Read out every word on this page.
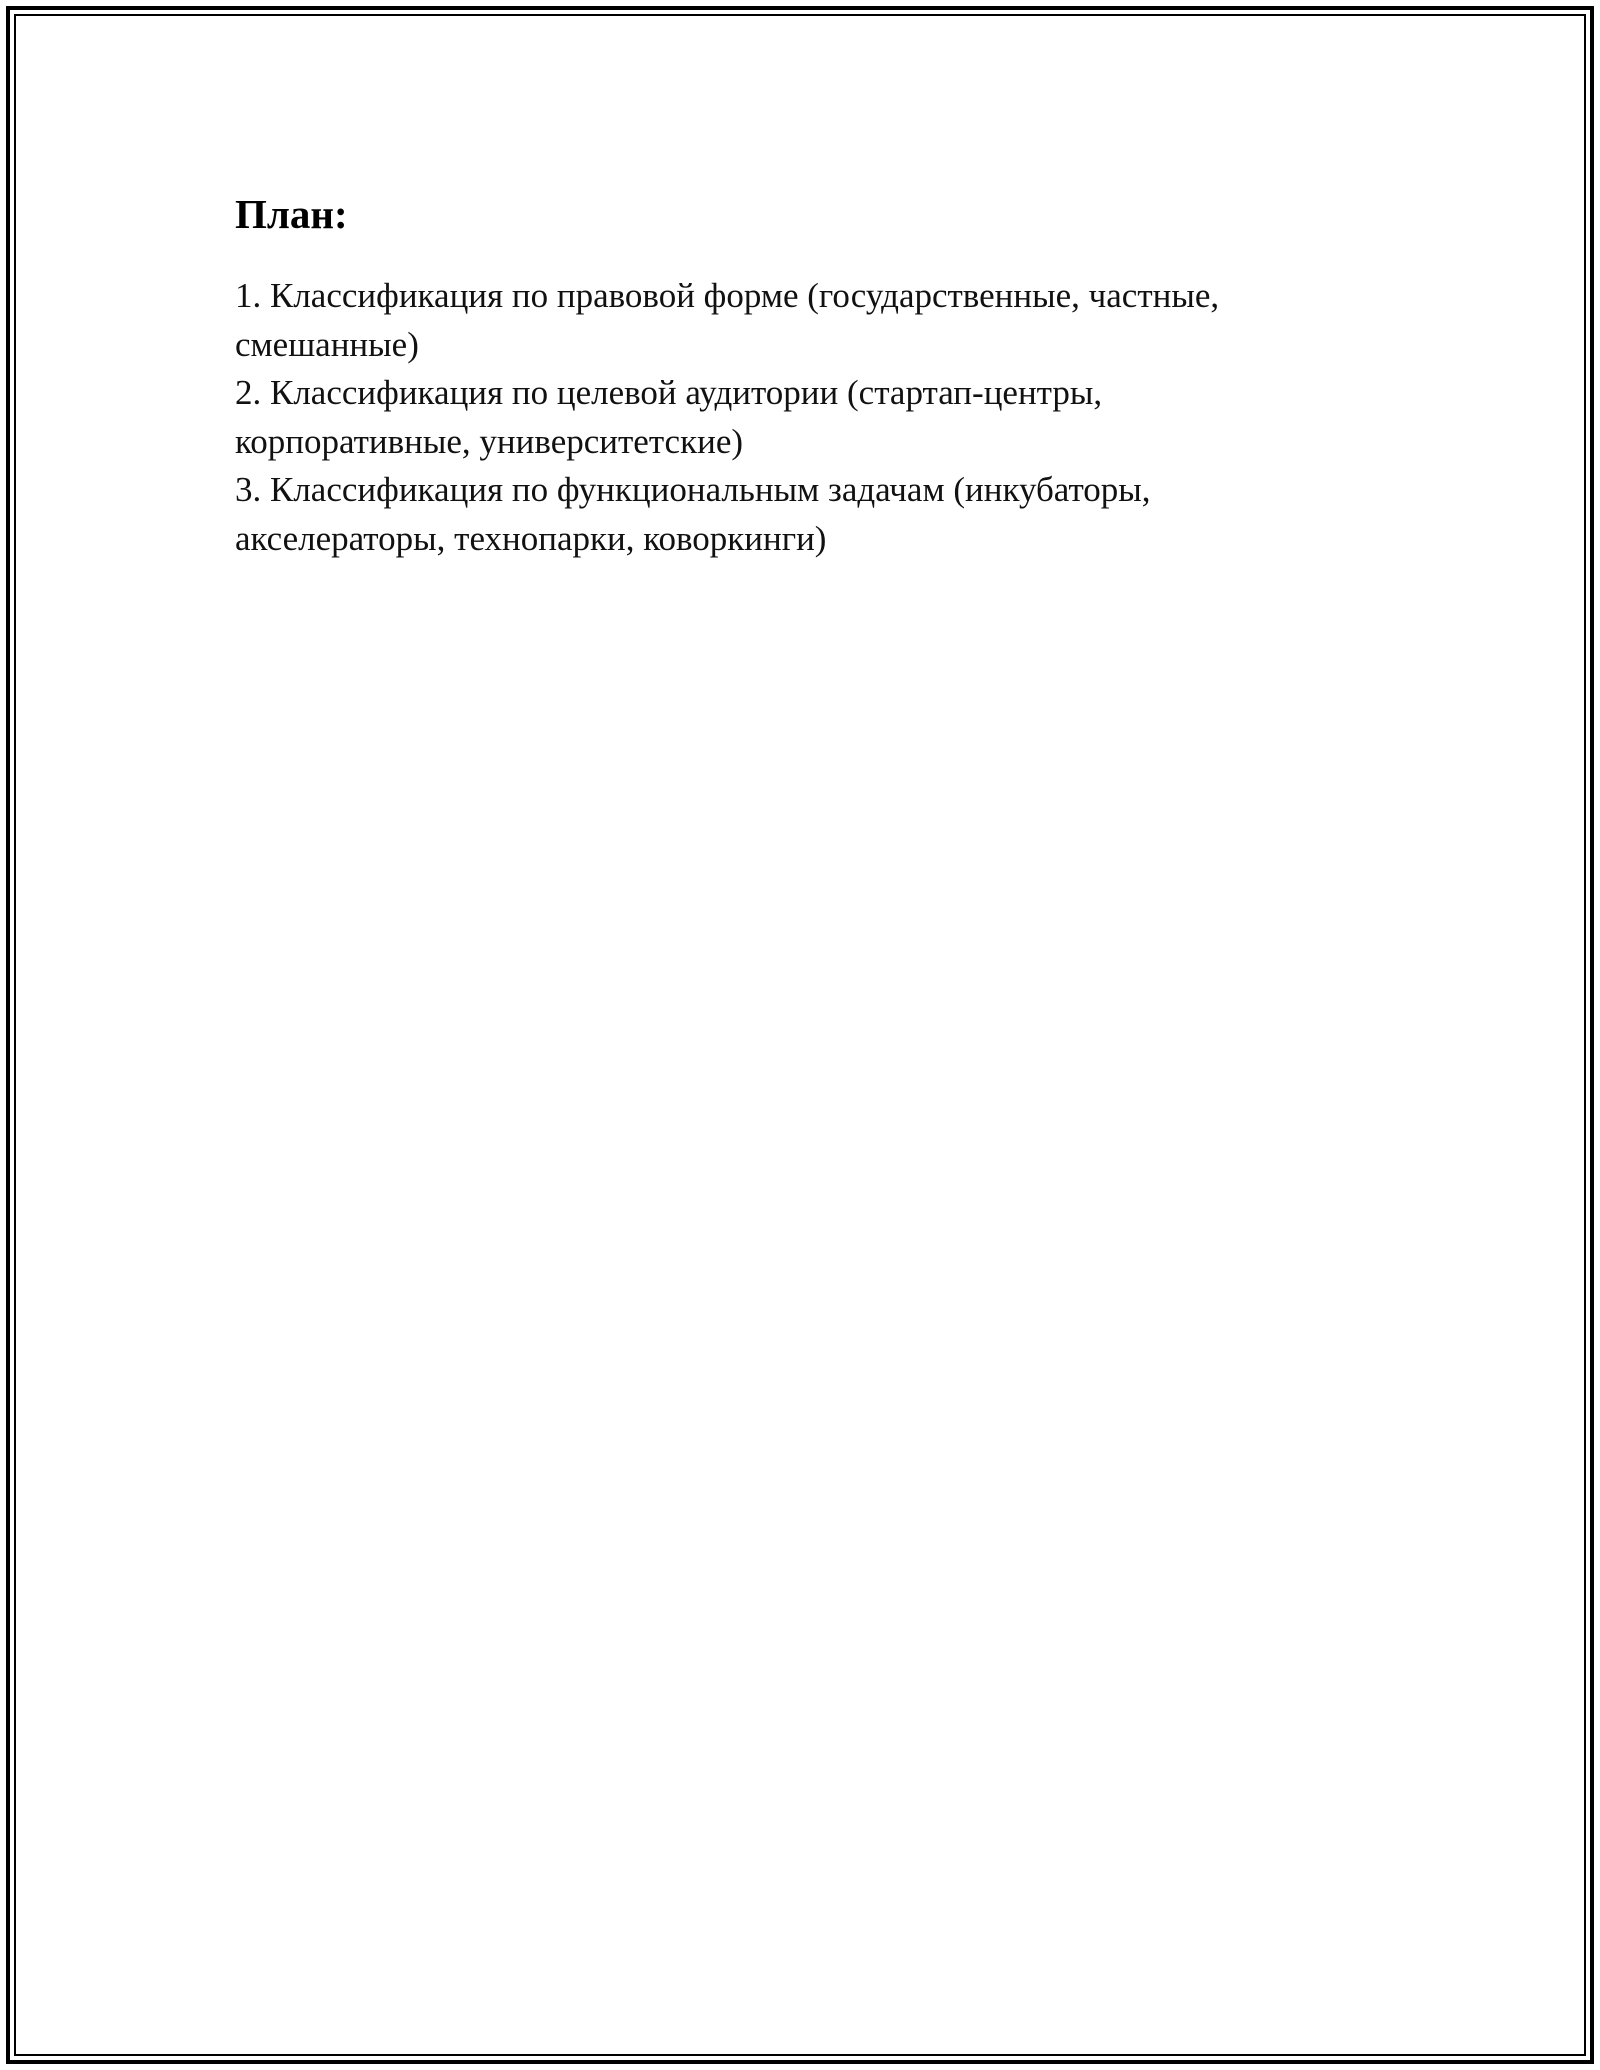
План:
1. Классификация по правовой форме (государственные, частные, смешанные)
2. Классификация по целевой аудитории (стартап-центры, корпоративные, университетские)
3. Классификация по функциональным задачам (инкубаторы, акселераторы, технопарки, коворкинги)
